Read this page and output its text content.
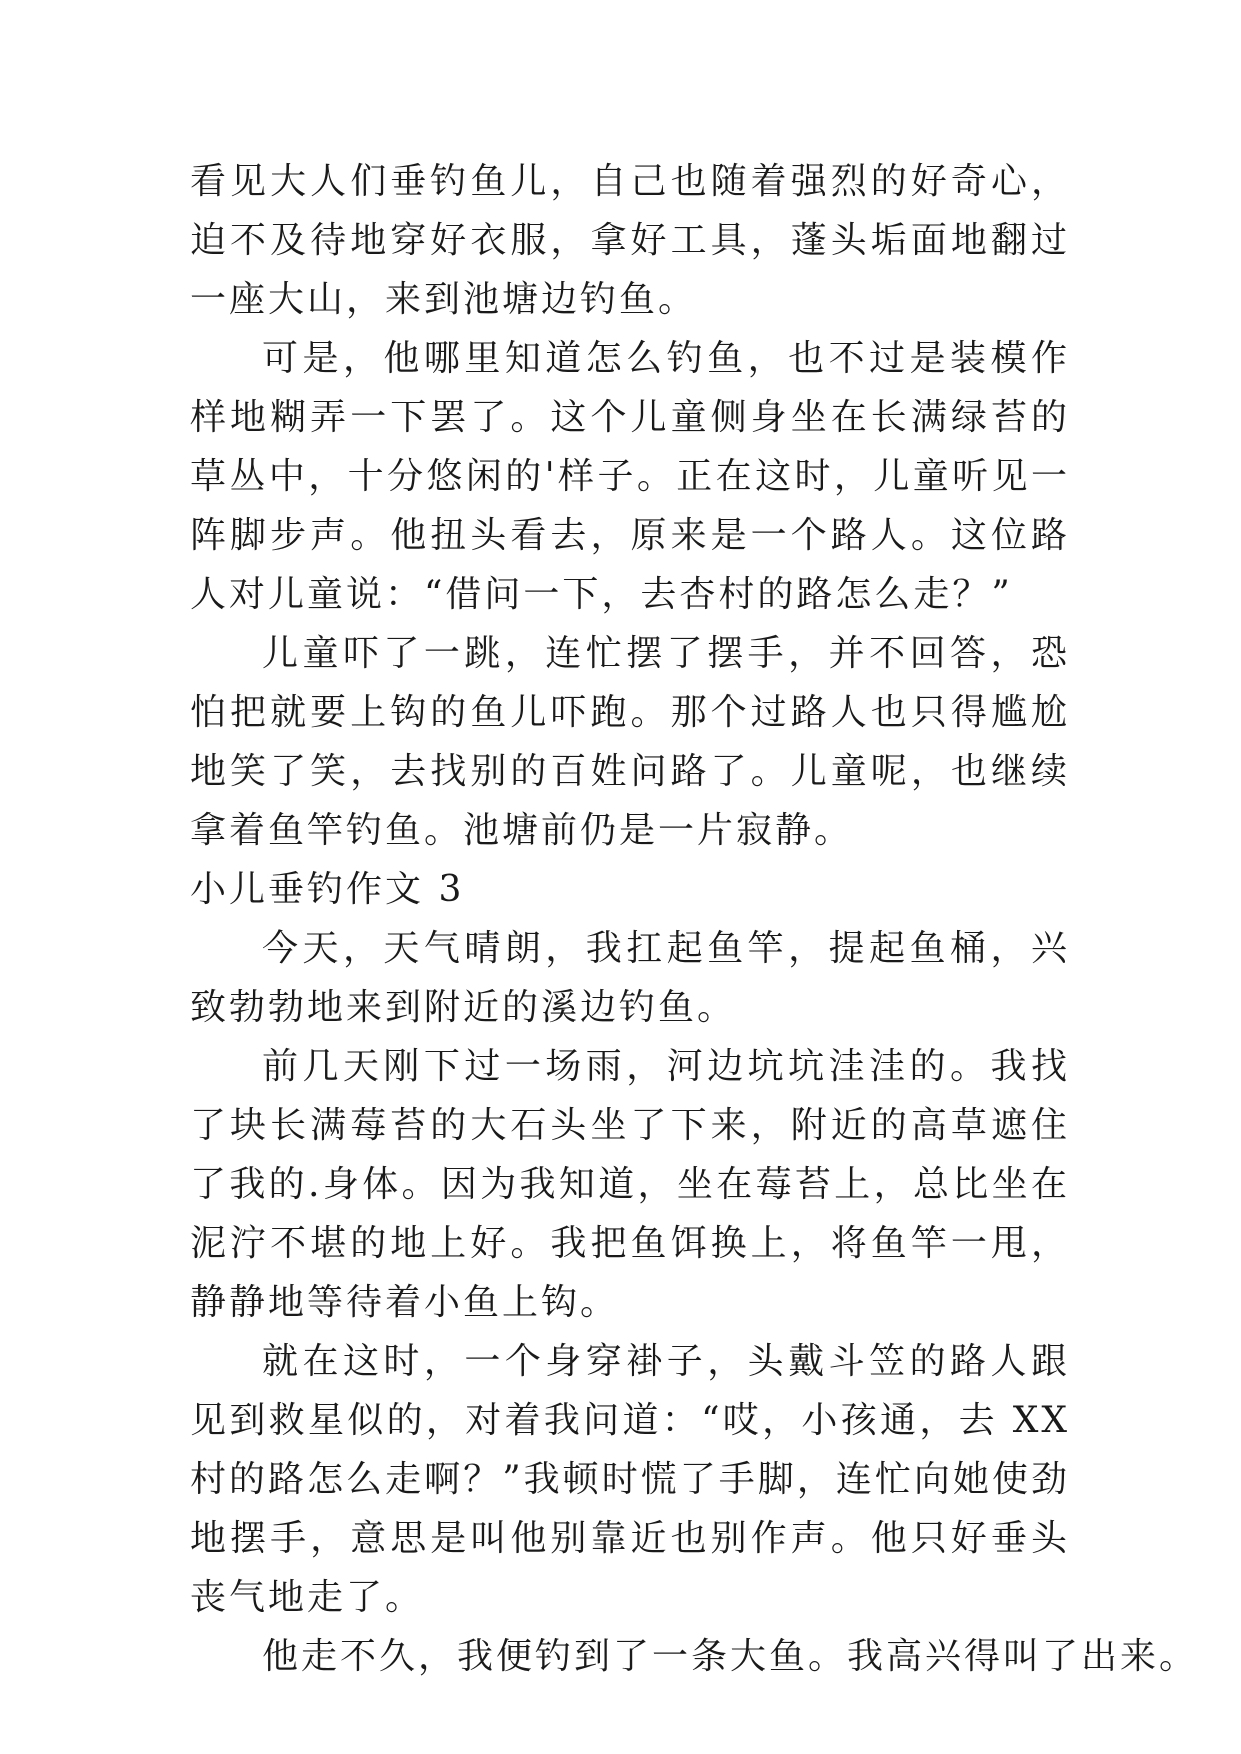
看见大人们垂钓鱼儿，自己也随着强烈的好奇心，迫不及待地穿好衣服，拿好工具，蓬头垢面地翻过一座大山，来到池塘边钓鱼。

可是，他哪里知道怎么钓鱼，也不过是装模作样地糊弄一下罢了。这个儿童侧身坐在长满绿苔的草丛中，十分悠闲的'样子。正在这时，儿童听见一阵脚步声。他扭头看去，原来是一个路人。这位路人对儿童说：“借问一下，去杏村的路怎么走？”

儿童吓了一跳，连忙摆了摆手，并不回答，恐怕把就要上钩的鱼儿吓跑。那个过路人也只得尴尬地笑了笑，去找别的百姓问路了。儿童呢，也继续拿着鱼竿钓鱼。池塘前仍是一片寂静。

小儿垂钓作文 3

今天，天气晴朗，我扛起鱼竿，提起鱼桶，兴致勃勃地来到附近的溪边钓鱼。

前几天刚下过一场雨，河边坑坑洼洼的。我找了块长满莓苔的大石头坐了下来，附近的高草遮住了我的.身体。因为我知道，坐在莓苔上，总比坐在泥泞不堪的地上好。我把鱼饵换上，将鱼竿一甩，静静地等待着小鱼上钩。

就在这时，一个身穿褂子，头戴斗笠的路人跟见到救星似的，对着我问道：“哎，小孩通，去 XX 村的路怎么走啊？”我顿时慌了手脚，连忙向她使劲地摆手，意思是叫他别靠近也别作声。他只好垂头丧气地走了。

他走不久，我便钓到了一条大鱼。我高兴得叫了出来。
